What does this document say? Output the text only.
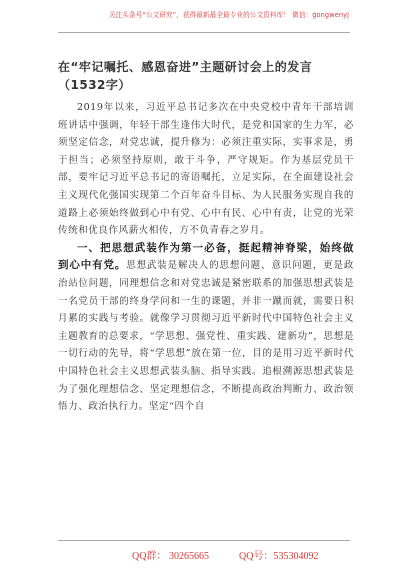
关注头条号“公文研究”，获得最新最全最专业的公文资料库！ 微信：gongwenyj
在“牢记嘱托、感恩奋进”主题研讨会上的发言（1532字）

2019年以来，习近平总书记多次在中央党校中青年干部培训班讲话中强调，年轻干部生逢伟大时代，是党和国家的生力军，必须坚定信念，对党忠诚，提升修为：必须注重实际，实事求是，勇于担当；必须坚持原则，敢于斗争，严守规矩。作为基层党员干部，要牢记习近平总书记的寄语嘱托，立足实际，在全面建设社会主义现代化强国实现第二个百年奋斗目标、为人民服务实现自我的道路上必须始终做到心中有党、心中有民、心中有责，让党的光荣传统和优良作风薪火相传，方不负青春之岁月。

一、把思想武装作为第一必备，挺起精神脊梁，始终做到心中有党。思想武装是解决人的思想问题、意识问题，更是政治站位问题，同理想信念和对党忠诚是紧密联系的加强思想武装是一名党员干部的终身学问和一生的课题，并非一蹴而就，需要日积月累的实践与考验。就像学习贯彻习近平新时代中国特色社会主义主题教育的总要求，“学思想、强党性、重实践、建新功”，思想是一切行动的先导，将“学思想”放在第一位，目的是用习近平新时代中国特色社会主义思想武装头脑、指导实践。追根溯源思想武装是为了强化理想信念、坚定理想信念，不断提高政治判断力、政治领悟力、政治执行力。坚定“四个自

QQ群： 30265665	QQ号：535304092
